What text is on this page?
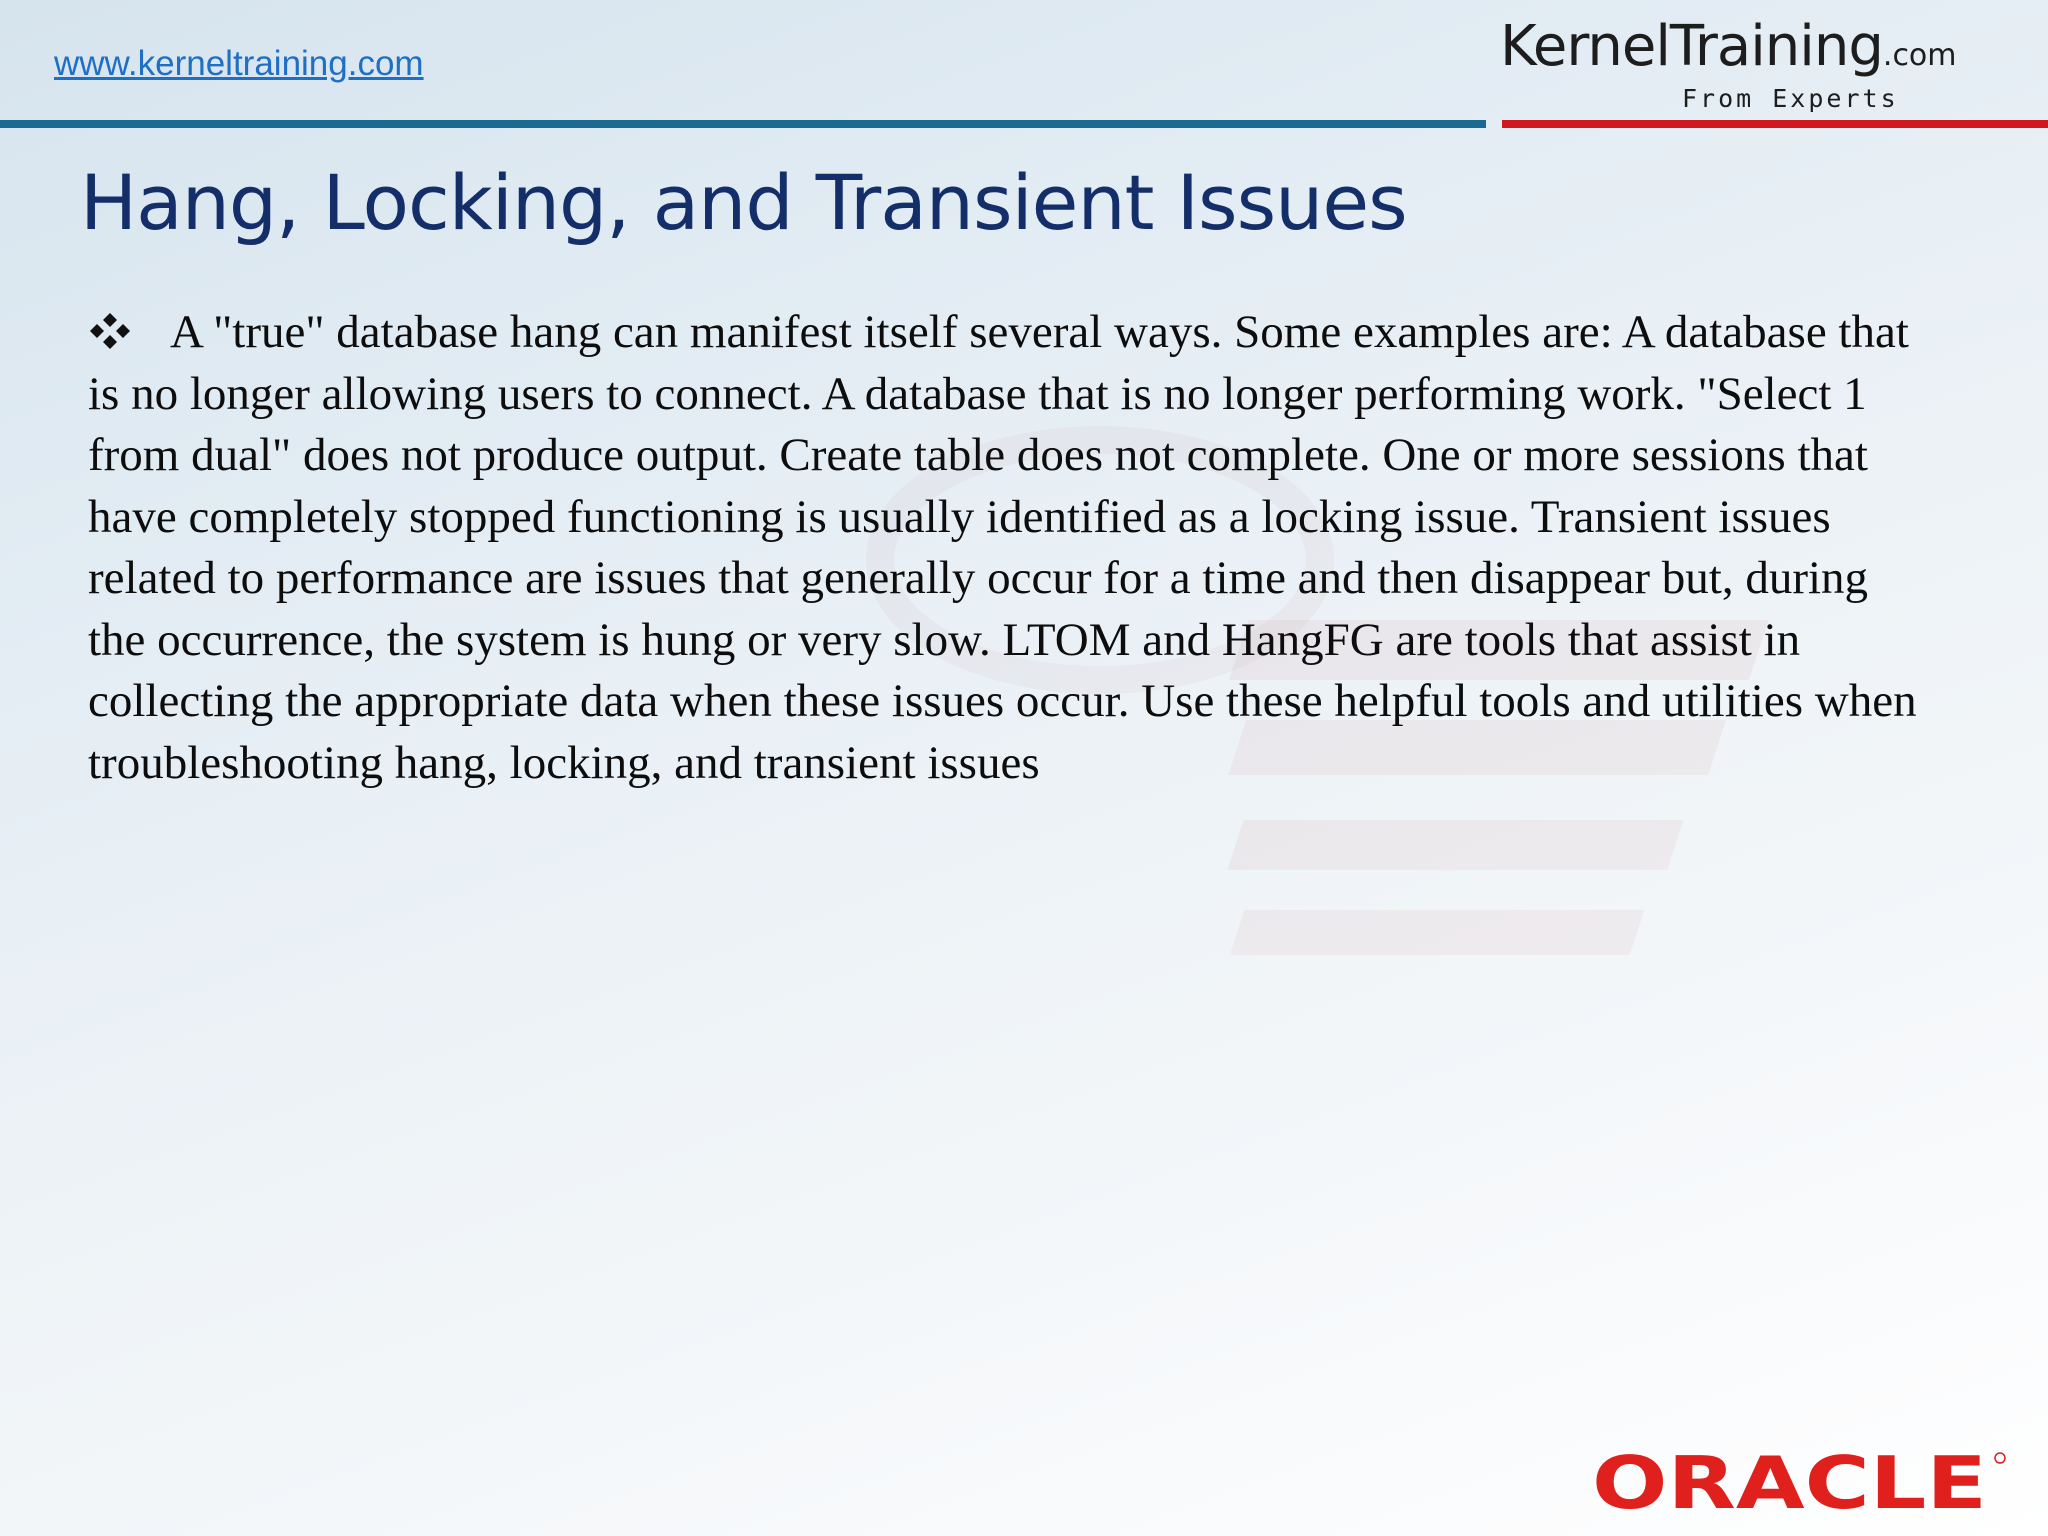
www.kerneltraining.com	KernelTraining.com
From Experts
Hang, Locking, and Transient Issues

A "true" database hang can manifest itself several ways. Some examples are: A database that is no longer allowing users to connect. A database that is no longer performing work. "Select 1 from dual" does not produce output. Create table does not complete. One or more sessions that have completely stopped functioning is usually identified as a locking issue. Transient issues related to performance are issues that generally occur for a time and then disappear but, during the occurrence, the system is hung or very slow. LTOM and HangFG are tools that assist in collecting the appropriate data when these issues occur. Use these helpful tools and utilities when troubleshooting hang, locking, and transient issues

ORACLE
